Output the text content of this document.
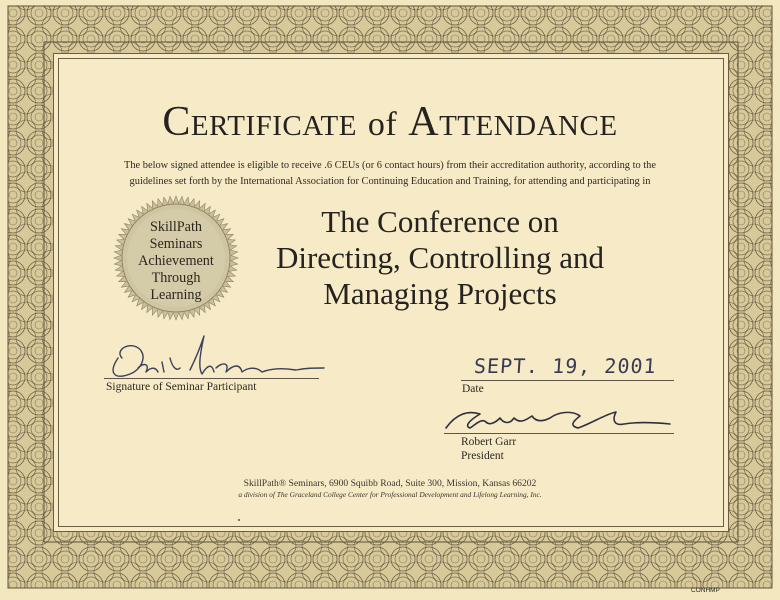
Certificate of Attendance
The below signed attendee is eligible to receive .6 CEUs (or 6 contact hours) from their accreditation authority, according to the
guidelines set forth by the International Association for Continuing Education and Training, for attending and participating in
SkillPath
Seminars
Achievement
Through
Learning
The Conference on
Directing, Controlling and
Managing Projects
Signature of Seminar Participant
SEPT. 19, 2001
Date
Robert Garr
President
SkillPath® Seminars, 6900 Squibb Road, Suite 300, Mission, Kansas 66202
a division of The Graceland College Center for Professional Development and Lifelong Learning, Inc.
CONHMP
